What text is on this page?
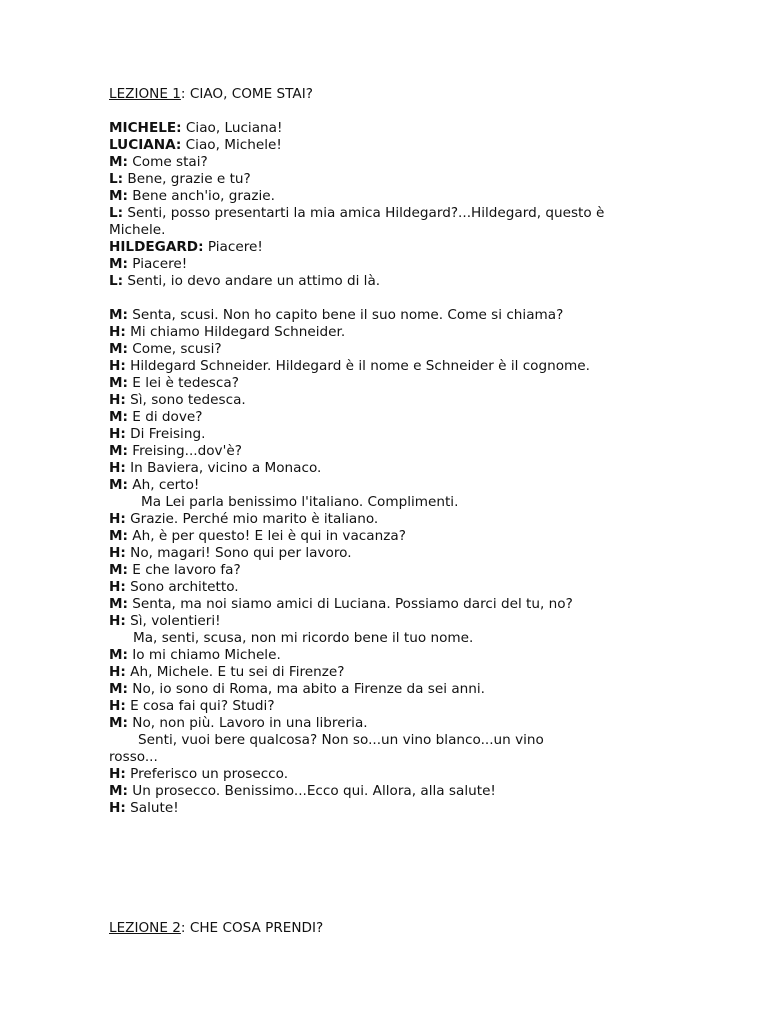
LEZIONE 1: CIAO, COME STAI?
MICHELE: Ciao, Luciana!
LUCIANA: Ciao, Michele!
M: Come stai?
L: Bene, grazie e tu?
M: Bene anch'io, grazie.
L: Senti, posso presentarti la mia amica Hildegard?...Hildegard, questo è Michele.
HILDEGARD: Piacere!
M: Piacere!
L: Senti, io devo andare un attimo di là.
M: Senta, scusi. Non ho capito bene il suo nome. Come si chiama?
H: Mi chiamo Hildegard Schneider.
M: Come, scusi?
H: Hildegard Schneider. Hildegard è il nome e Schneider è il cognome.
M: E lei è tedesca?
H: Sì, sono tedesca.
M: E di dove?
H: Di Freising.
M: Freising...dov'è?
H: In Baviera, vicino a Monaco.
M: Ah, certo!
Ma Lei parla benissimo l'italiano. Complimenti.
H: Grazie. Perché mio marito è italiano.
M: Ah, è per questo! E lei è qui in vacanza?
H: No, magari! Sono qui per lavoro.
M: E che lavoro fa?
H: Sono architetto.
M: Senta, ma noi siamo amici di Luciana. Possiamo darci del tu, no?
H: Sì, volentieri!
Ma, senti, scusa, non mi ricordo bene il tuo nome.
M: Io mi chiamo Michele.
H: Ah, Michele. E tu sei di Firenze?
M: No, io sono di Roma, ma abito a Firenze da sei anni.
H: E cosa fai qui? Studi?
M: No, non più. Lavoro in una libreria.
Senti, vuoi bere qualcosa? Non so...un vino blanco...un vino
rosso...
H: Preferisco un prosecco.
M: Un prosecco. Benissimo...Ecco qui. Allora, alla salute!
H: Salute!
LEZIONE 2: CHE COSA PRENDI?
